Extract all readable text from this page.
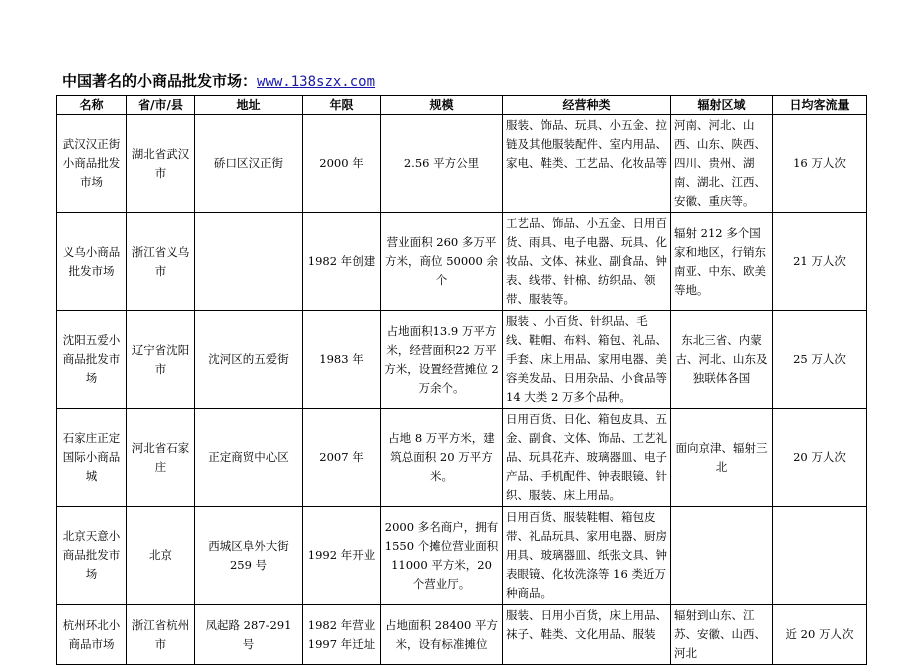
中国著名的小商品批发市场：www.138szx.com
名称	省/市/县	地址	年限	规模	经营种类	辐射区域	日均客流量
武汉汉正街小商品批发市场	湖北省武汉市	硚口区汉正街	2000 年	2.56 平方公里	服装、饰品、玩具、小五金、拉链及其他服装配件、室内用品、家电、鞋类、工艺品、化妆品等	河南、河北、山西、山东、陕西、四川、贵州、湖南、湖北、江西、安徽、重庆等。	16 万人次
义乌小商品批发市场	浙江省义乌市		1982 年创建	营业面积 260 多万平方米，商位 50000 余个	工艺品、饰品、小五金、日用百货、雨具、电子电器、玩具、化妆品、文体、袜业、副食品、钟表、线带、针棉、纺织品、领带、服装等。	辐射 212 多个国家和地区，行销东南亚、中东、欧美等地。	21 万人次
沈阳五爱小商品批发市场	辽宁省沈阳市	沈河区的五爱街	1983 年	占地面积13.9 万平方米，经营面积22 万平方米，设置经营摊位 2 万余个。	服装 、小百货、针织品、毛线、鞋帽、布料、箱包、礼品、手套、床上用品、家用电器、美容美发品、日用杂品、小食品等14 大类 2 万多个品种。	东北三省、内蒙古、河北、山东及独联体各国	25 万人次
石家庄正定国际小商品城	河北省石家庄	正定商贸中心区	2007 年	占地 8 万平方米，建筑总面积 20 万平方米。	日用百货、日化、箱包皮具、五金、副食、文体、饰品、工艺礼品、玩具花卉、玻璃器皿、电子产品、手机配件、钟表眼镜、针织、服装、床上用品。	面向京津、辐射三北	20 万人次
北京天意小商品批发市场	北京	西城区阜外大街 259 号	1992 年开业	2000 多名商户，拥有 1550 个摊位营业面积 11000 平方米，20 个营业厅。	日用百货、服装鞋帽、箱包皮带、礼品玩具、家用电器、厨房用具、玻璃器皿、纸张文具、钟表眼镜、化妆洗涤等 16 类近万种商品。		
杭州环北小商品市场	浙江省杭州市	凤起路 287-291 号	1982 年营业 1997 年迁址	占地面积 28400 平方米，设有标准摊位	服装、日用小百货，床上用品、袜子、鞋类、文化用品、服装	辐射到山东、江苏、安徽、山西、河北	近 20 万人次
